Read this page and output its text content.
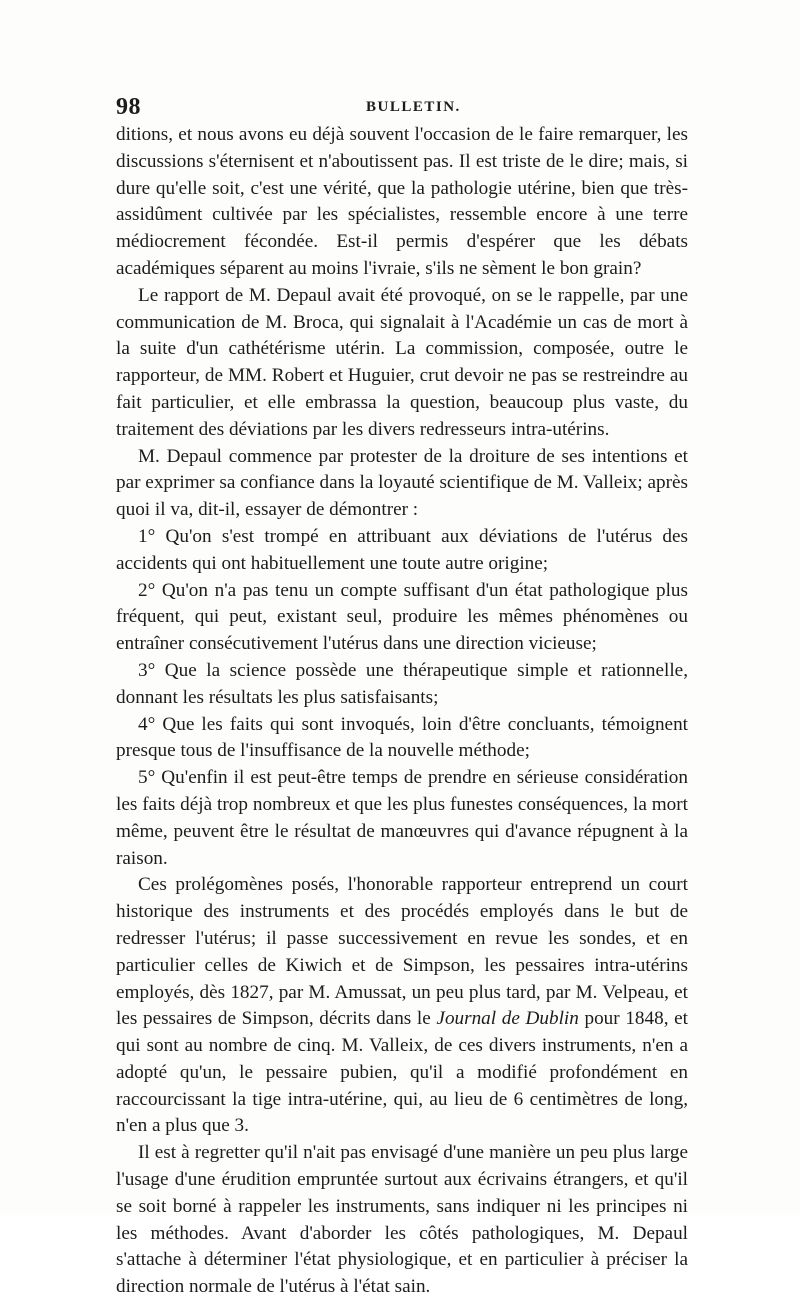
98	BULLETIN.

ditions, et nous avons eu déjà souvent l'occasion de le faire remarquer, les discussions s'éternisent et n'aboutissent pas. Il est triste de le dire; mais, si dure qu'elle soit, c'est une vérité, que la pathologie utérine, bien que très-assidûment cultivée par les spécialistes, ressemble encore à une terre médiocrement fécondée. Est-il permis d'espérer que les débats académiques séparent au moins l'ivraie, s'ils ne sèment le bon grain?

Le rapport de M. Depaul avait été provoqué, on se le rappelle, par une communication de M. Broca, qui signalait à l'Académie un cas de mort à la suite d'un cathétérisme utérin. La commission, composée, outre le rapporteur, de MM. Robert et Huguier, crut devoir ne pas se restreindre au fait particulier, et elle embrassa la question, beaucoup plus vaste, du traitement des déviations par les divers redresseurs intra-utérins.

M. Depaul commence par protester de la droiture de ses intentions et par exprimer sa confiance dans la loyauté scientifique de M. Valleix; après quoi il va, dit-il, essayer de démontrer :

1° Qu'on s'est trompé en attribuant aux déviations de l'utérus des accidents qui ont habituellement une toute autre origine;

2° Qu'on n'a pas tenu un compte suffisant d'un état pathologique plus fréquent, qui peut, existant seul, produire les mêmes phénomènes ou entraîner consécutivement l'utérus dans une direction vicieuse;

3° Que la science possède une thérapeutique simple et rationnelle, donnant les résultats les plus satisfaisants;

4° Que les faits qui sont invoqués, loin d'être concluants, témoignent presque tous de l'insuffisance de la nouvelle méthode;

5° Qu'enfin il est peut-être temps de prendre en sérieuse considération les faits déjà trop nombreux et que les plus funestes conséquences, la mort même, peuvent être le résultat de manœuvres qui d'avance répugnent à la raison.

Ces prolégomènes posés, l'honorable rapporteur entreprend un court historique des instruments et des procédés employés dans le but de redresser l'utérus; il passe successivement en revue les sondes, et en particulier celles de Kiwich et de Simpson, les pessaires intra-utérins employés, dès 1827, par M. Amussat, un peu plus tard, par M. Velpeau, et les pessaires de Simpson, décrits dans le Journal de Dublin pour 1848, et qui sont au nombre de cinq. M. Valleix, de ces divers instruments, n'en a adopté qu'un, le pessaire pubien, qu'il a modifié profondément en raccourcissant la tige intra-utérine, qui, au lieu de 6 centimètres de long, n'en a plus que 3.

Il est à regretter qu'il n'ait pas envisagé d'une manière un peu plus large l'usage d'une érudition empruntée surtout aux écrivains étrangers, et qu'il se soit borné à rappeler les instruments, sans indiquer ni les principes ni les méthodes. Avant d'aborder les côtés pathologiques, M. Depaul s'attache à déterminer l'état physiologique, et en particulier à préciser la direction normale de l'utérus à l'état sain.
